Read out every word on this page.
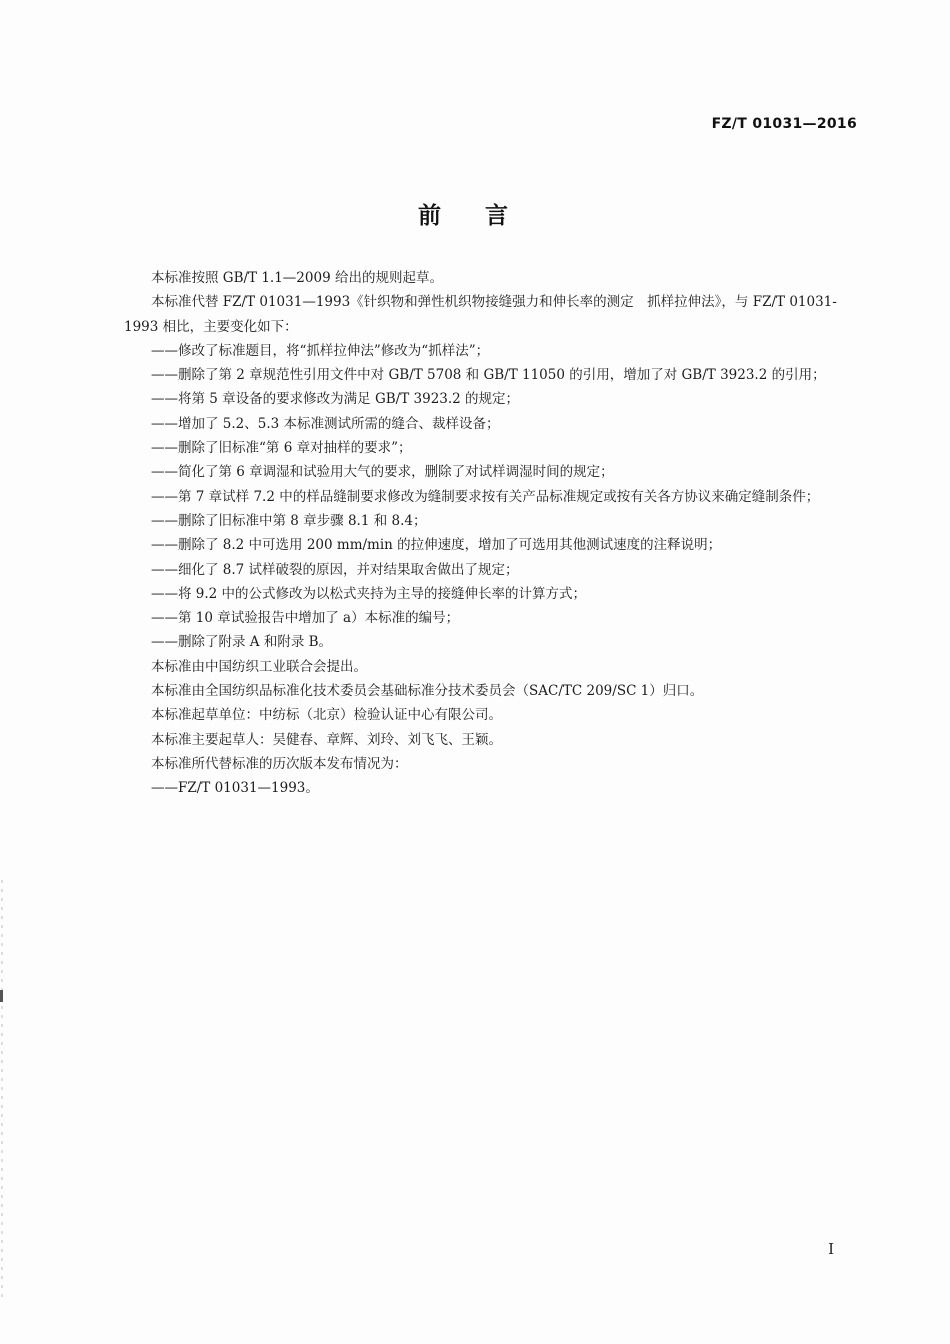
FZ/T 01031—2016
前言

本标准按照 GB/T 1.1—2009 给出的规则起草。

本标准代替 FZ/T 01031—1993《针织物和弹性机织物接缝强力和伸长率的测定　抓样拉伸法》，与 FZ/T 01031-1993 相比，主要变化如下：

——修改了标准题目，将“抓样拉伸法”修改为“抓样法”；

——删除了第 2 章规范性引用文件中对 GB/T 5708 和 GB/T 11050 的引用，增加了对 GB/T 3923.2 的引用；

——将第 5 章设备的要求修改为满足 GB/T 3923.2 的规定；

——增加了 5.2、5.3 本标准测试所需的缝合、裁样设备；

——删除了旧标准“第 6 章对抽样的要求”；

——简化了第 6 章调湿和试验用大气的要求，删除了对试样调湿时间的规定；

——第 7 章试样 7.2 中的样品缝制要求修改为缝制要求按有关产品标准规定或按有关各方协议来确定缝制条件；

——删除了旧标准中第 8 章步骤 8.1 和 8.4；

——删除了 8.2 中可选用 200 mm/min 的拉伸速度，增加了可选用其他测试速度的注释说明；

——细化了 8.7 试样破裂的原因，并对结果取舍做出了规定；

——将 9.2 中的公式修改为以松式夹持为主导的接缝伸长率的计算方式；

——第 10 章试验报告中增加了 a）本标准的编号；

——删除了附录 A 和附录 B。

本标准由中国纺织工业联合会提出。

本标准由全国纺织品标准化技术委员会基础标准分技术委员会（SAC/TC 209/SC 1）归口。

本标准起草单位：中纺标（北京）检验认证中心有限公司。

本标准主要起草人：吴健春、章辉、刘玲、刘飞飞、王颖。

本标准所代替标准的历次版本发布情况为：

——FZ/T 01031—1993。

I
